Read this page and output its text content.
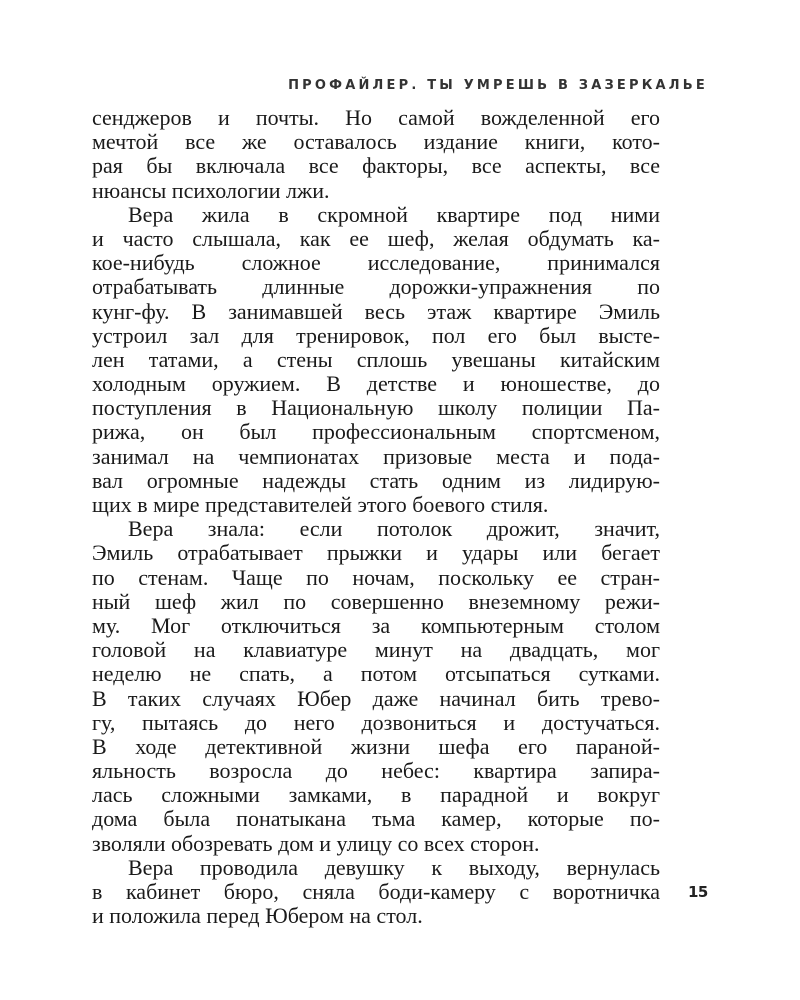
ПРОФАЙЛЕР. ТЫ УМРЕШЬ В ЗАЗЕРКАЛЬЕ
сенджеров и почты. Но самой вожделенной его
мечтой все же оставалось издание книги, кото-
рая бы включала все факторы, все аспекты, все
нюансы психологии лжи.
Вера жила в скромной квартире под ними
и часто слышала, как ее шеф, желая обдумать ка-
кое-нибудь сложное исследование, принимался
отрабатывать длинные дорожки-упражнения по
кунг-фу. В занимавшей весь этаж квартире Эмиль
устроил зал для тренировок, пол его был выстe-
лен татами, а стены сплошь увешаны китайским
холодным оружием. В детстве и юношестве, до
поступления в Национальную школу полиции Па-
рижа, он был профессиональным спортсменом,
занимал на чемпионатах призовые места и пода-
вал огромные надежды стать одним из лидирую-
щих в мире представителей этого боевого стиля.
Вера знала: если потолок дрожит, значит,
Эмиль отрабатывает прыжки и удары или бегает
по стенам. Чаще по ночам, поскольку ее стран-
ный шеф жил по совершенно внеземному режи-
му. Мог отключиться за компьютерным столом
головой на клавиатуре минут на двадцать, мог
неделю не спать, а потом отсыпаться сутками.
В таких случаях Юбер даже начинал бить трево-
гу, пытаясь до него дозвониться и достучаться.
В ходе детективной жизни шефа его параной-
яльность возросла до небес: квартира запира-
лась сложными замками, в парадной и вокруг
дома была понатыкана тьма камер, которые по-
зволяли обозревать дом и улицу со всех сторон.
Вера проводила девушку к выходу, вернулась
в кабинет бюро, сняла боди-камеру с воротничка
и положила перед Юбером на стол.
15
